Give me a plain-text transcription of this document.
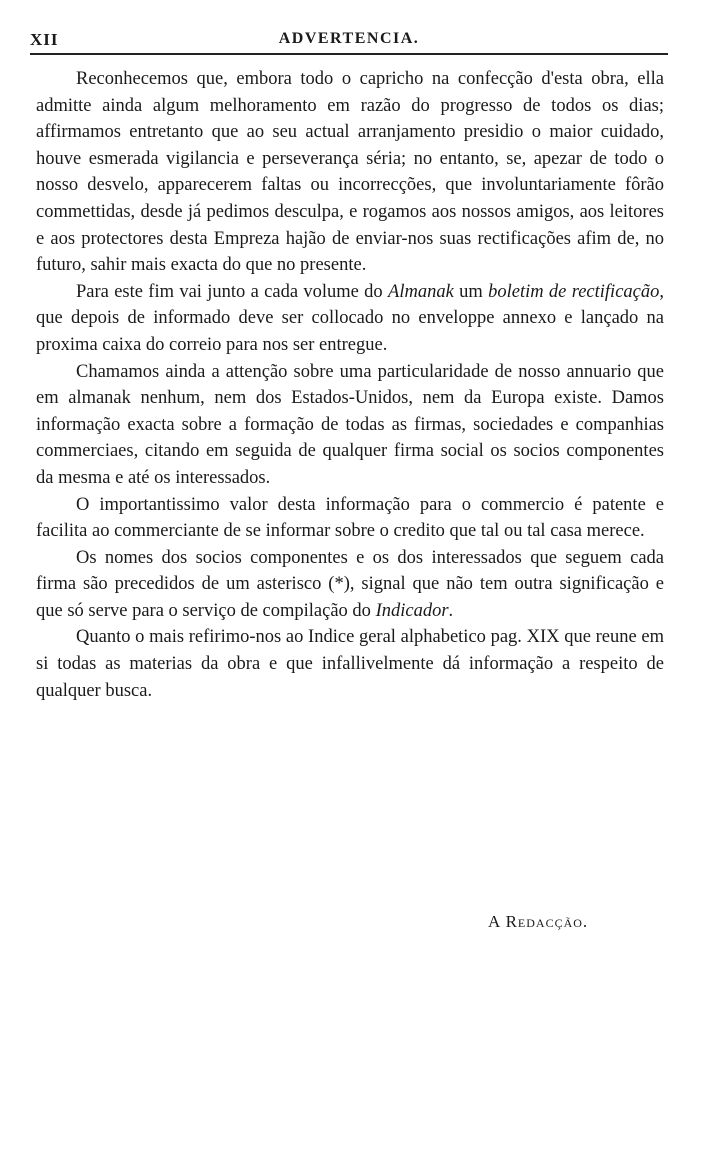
XII	ADVERTENCIA.

Reconhecemos que, embora todo o capricho na confecção d'esta obra, ella admitte ainda algum melhoramento em razão do progresso de todos os dias; affirmamos entretanto que ao seu actual arranjamento presidio o maior cuidado, houve esmerada vigilancia e perseverança séria; no entanto, se, apezar de todo o nosso desvelo, apparecerem faltas ou incorrecções, que involuntariamente fôrão commettidas, desde já pedimos desculpa, e rogamos aos nossos amigos, aos leitores e aos protectores desta Empreza hajão de enviar-nos suas rectificações afim de, no futuro, sahir mais exacta do que no presente.

Para este fim vai junto a cada volume do Almanak um boletim de rectificação, que depois de informado deve ser collocado no enveloppe annexo e lançado na proxima caixa do correio para nos ser entregue.

Chamamos ainda a attenção sobre uma particularidade de nosso annuario que em almanak nenhum, nem dos Estados-Unidos, nem da Europa existe. Damos informação exacta sobre a formação de todas as firmas, sociedades e companhias commerciaes, citando em seguida de qualquer firma social os socios componentes da mesma e até os interessados.

O importantissimo valor desta informação para o commercio é patente e facilita ao commerciante de se informar sobre o credito que tal ou tal casa merece.

Os nomes dos socios componentes e os dos interessados que seguem cada firma são precedidos de um asterisco (*), signal que não tem outra significação e que só serve para o serviço de compilação do Indicador.

Quanto o mais refirimo-nos ao Indice geral alphabetico pag. XIX que reune em si todas as materias da obra e que infallivelmente dá informação a respeito de qualquer busca.

A Redacção.
